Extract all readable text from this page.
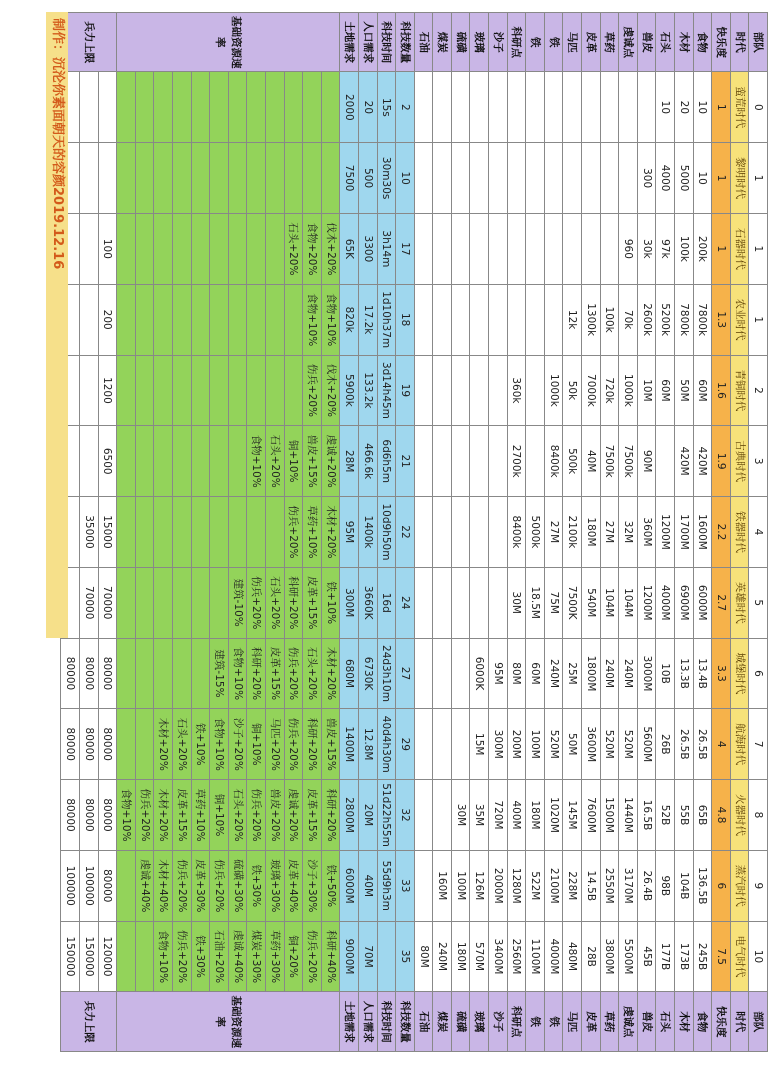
部队	0	1	1	1	2	3	4	5	6	7	8	9	10	部队
时代	蛮荒时代	黎明时代	石器时代	农业时代	青铜时代	古典时代	铁器时代	英雄时代	城堡时代	航海时代	火器时代	蒸汽时代	电气时代	时代
快乐度	1	1	1	1.3	1.6	1.9	2.2	2.7	3.3	4	4.8	6	7.5	快乐度
食物	10	10	200k	7800k	60M	420M	1600M	6000M	13.4B	26.5B	65B	136.5B	245B	食物
木材	20	5000	100k	7800k	50M	420M	1700M	6900M	13.3B	26.5B	55B	104B	173B	木材
石头	10	4000	97k	5200k	60M		1200M	4000M	10B	26B	52B	98B	177B	石头
兽皮		300	30k	2600k	10M	90M	360M	1200M	3000M	5600M	16.5B	26.4B	45B	兽皮
虔诚点			960	70k	1000k	7500k	32M	104M	240M	520M	1440M	3170M	5500M	虔诚点
草药				100k	720k	7500k	27M	104M	240M	520M	1500M	2550M	3800M	草药
皮革				1300k	7000k	40M	180M	540M	1800M	3600M	7600M	14.5B	28B	皮革
马匹				12k	50k	500k	2100k	7500K	25M	50M	145M	228M	480M	马匹
铁					1000k	8400k	27M	75M	240M	520M	1020M	2100M	4000M	铁
铁							5000k	18.5M	60M	100M	180M	522M	1100M	铁
科研点					360k	2700k	8400k	30M	80M	200M	400M	1280M	2560M	科研点
沙子									95M	300M	720M	2000M	3400M	沙子
玻璃									6000K	15M	35M	126M	570M	玻璃
硫磺											30M	100M	180M	硫磺
煤炭												160M	240M	煤炭
石油													80M	石油
科技数量	2	10	17	18	19	21	22	24	27	29	32	33	35	科技数量
科技时间	15s	30m30s	3h14m	1d10h37m	3d14h45m	6d6h5m	10d9h50m	16d	24d3h10m	40d4h30m	51d22h55m	55d9h3m		科技时间
人口需求	20	500	3300	17.2k	133.2k	466.6k	1400k	3660K	6730K	12.8M	20M	40M	70M	人口需求
土地需求	2000	7500	65K	820k	5900k	28M	95M	300M	680M	1400M	2800M	6000M	9000M	土地需求
基础资源速率			伐木+20%	食物+10%	伐木+20%	虔诚+20%	木材+20%	铁+10%	木材+20%	兽皮+15%	科研+20%	铁+50%	科研+40%	基础资源速率
			食物+20%	食物+10%	伤兵+20%	兽皮+15%	草药+10%	皮革+15%	石头+20%	科研+20%	皮革+15%	沙子+30%	伤兵+20%	
			石头+20%			铜+10%	伤兵+20%	科研+20%	伤兵+20%	伤兵+20%	虔诚+20%	皮革+40%	铜+20%	
						石头+20%		石头+20%	皮革+15%	马匹+20%	兽皮+20%	玻璃+30%	草药+30%	
						食物+10%		伤兵+20%	科研+20%	铜+10%	伤兵+20%	铁+30%	煤炭+30%	
								建筑-10%	食物+10%	沙子+20%	石头+20%	硫磺+30%	虔诚+40%	
									建筑-15%	食物+10%	铜+10%	伤兵+20%	石油+20%	
										铁+10%	草药+10%	皮革+30%	铁+30%	
										石头+20%	皮革+15%	伤兵+20%	伤兵+20%	
										木材+20%	木材+20%	木材+40%	食物+10%	
											伤兵+20%	虔诚+40%		
											食物+10%			
兵力上限			100	200	1200	6500	15000	70000	80000	80000	80000	80000	120000	兵力上限
							35000	70000	80000	80000	80000	100000	150000	
									80000	80000	80000	100000	150000	
制作：沉沦你素面朝天的容颜2019.12.16
